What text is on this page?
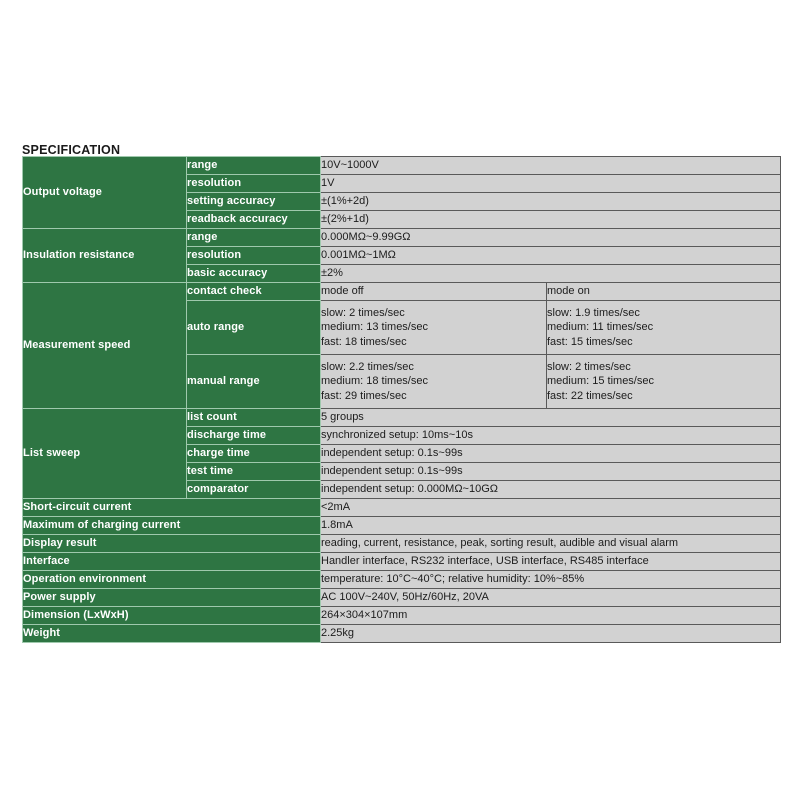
SPECIFICATION
Output voltage	range	10V~1000V	
	resolution	1V	
	setting accuracy	±(1%+2d)	
	readback accuracy	±(2%+1d)	
Insulation resistance	range	0.000MΩ~9.99GΩ	
	resolution	0.001MΩ~1MΩ	
	basic accuracy	±2%	
Measurement speed	contact check	mode off	mode on
	auto range	slow: 2 times/sec
medium: 13 times/sec
fast: 18 times/sec	slow: 1.9 times/sec
medium: 11 times/sec
fast: 15 times/sec

	manual range	slow: 2.2 times/sec
medium: 18 times/sec
fast: 29 times/sec	slow: 2 times/sec
medium: 15 times/sec
fast: 22 times/sec

List sweep	list count	5 groups	
	discharge time	synchronized setup: 10ms~10s	
	charge time	independent setup: 0.1s~99s	
	test time	independent setup: 0.1s~99s	
	comparator	independent setup: 0.000MΩ~10GΩ	
Short-circuit current		<2mA	
Maximum of charging current		1.8mA	
Display result		reading, current, resistance, peak, sorting result, audible and visual alarm	
Interface		Handler interface, RS232 interface, USB interface, RS485 interface	
Operation environment		temperature: 10°C~40°C; relative humidity: 10%~85%	
Power supply		AC 100V~240V, 50Hz/60Hz, 20VA	
Dimension (LxWxH)		264×304×107mm	
Weight		2.25kg	
